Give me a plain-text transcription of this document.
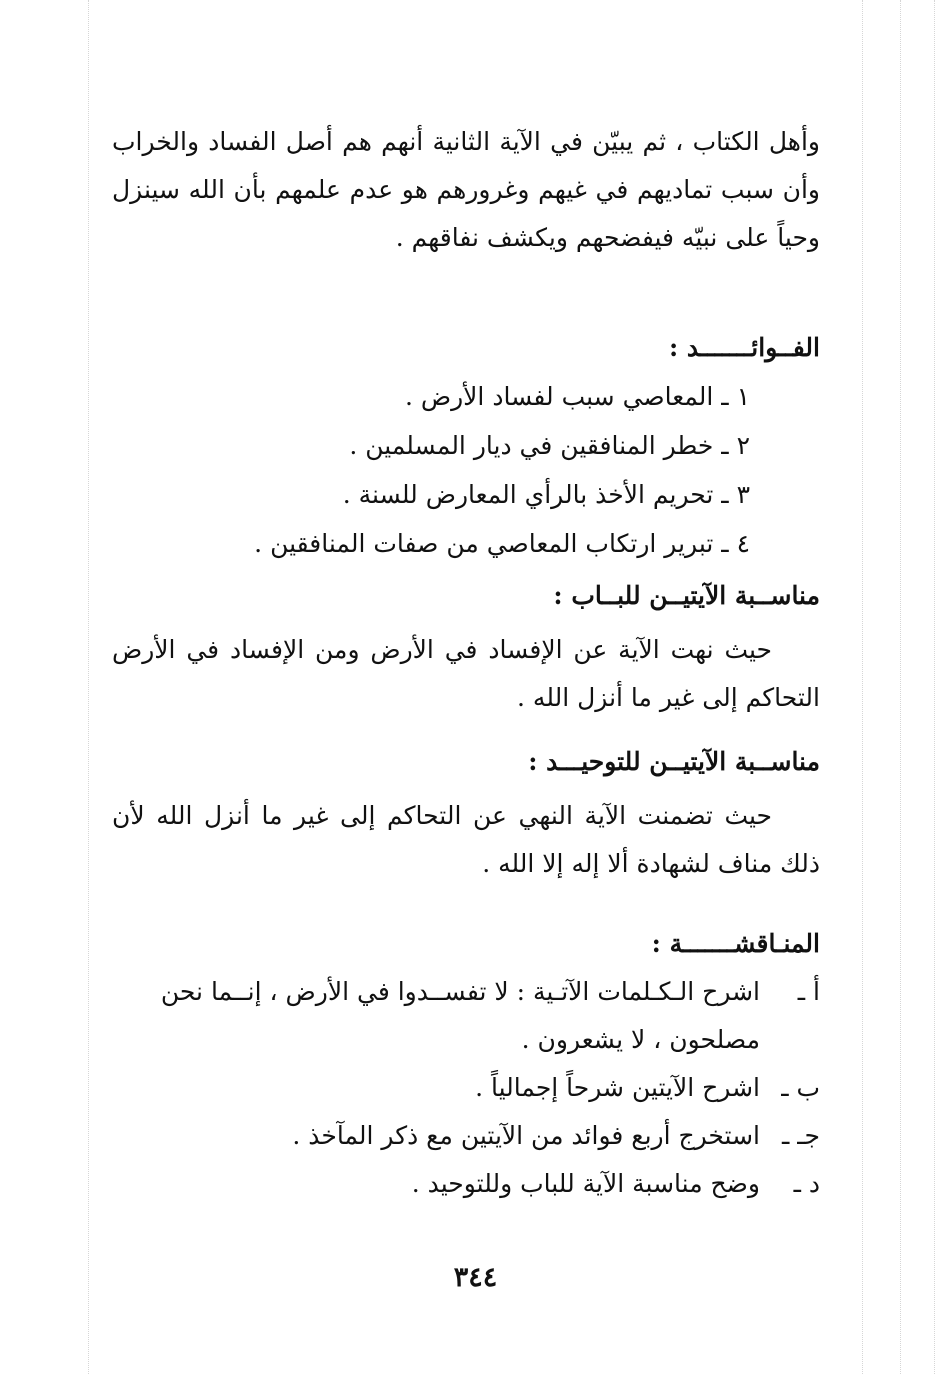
وأهل الكتاب ، ثم يبيّن في الآية الثانية أنهم هم أصل الفساد والخراب وأن سبب تماديهم في غيهم وغرورهم هو عدم علمهم بأن الله سينزل وحياً على نبيّه فيفضحهم ويكشف نفاقهم .

الفــوائـــــــد :

١ ـ المعاصي سبب لفساد الأرض .
٢ ـ خطر المنافقين في ديار المسلمين .
٣ ـ تحريم الأخذ بالرأي المعارض للسنة .
٤ ـ تبرير ارتكاب المعاصي من صفات المنافقين .

مناســبة الآيتيــن للبــاب :

حيث نهت الآية عن الإفساد في الأرض ومن الإفساد في الأرض التحاكم إلى غير ما أنزل الله .

مناســبة الآيتيــن للتوحيـــد :

حيث تضمنت الآية النهي عن التحاكم إلى غير ما أنزل الله لأن ذلك مناف لشهادة ألا إله إلا الله .

المنـاقشـــــــة :

أ ـ
اشرح الـكـلمات الآتـية : لا تفســدوا في الأرض ، إنــما نحن مصلحون ، لا يشعرون .
ب ـ
اشرح الآيتين شرحاً إجمالياً .
جـ ـ
استخرج أربع فوائد من الآيتين مع ذكر المآخذ .
د ـ
وضح مناسبة الآية للباب وللتوحيد .
٣٤٤
